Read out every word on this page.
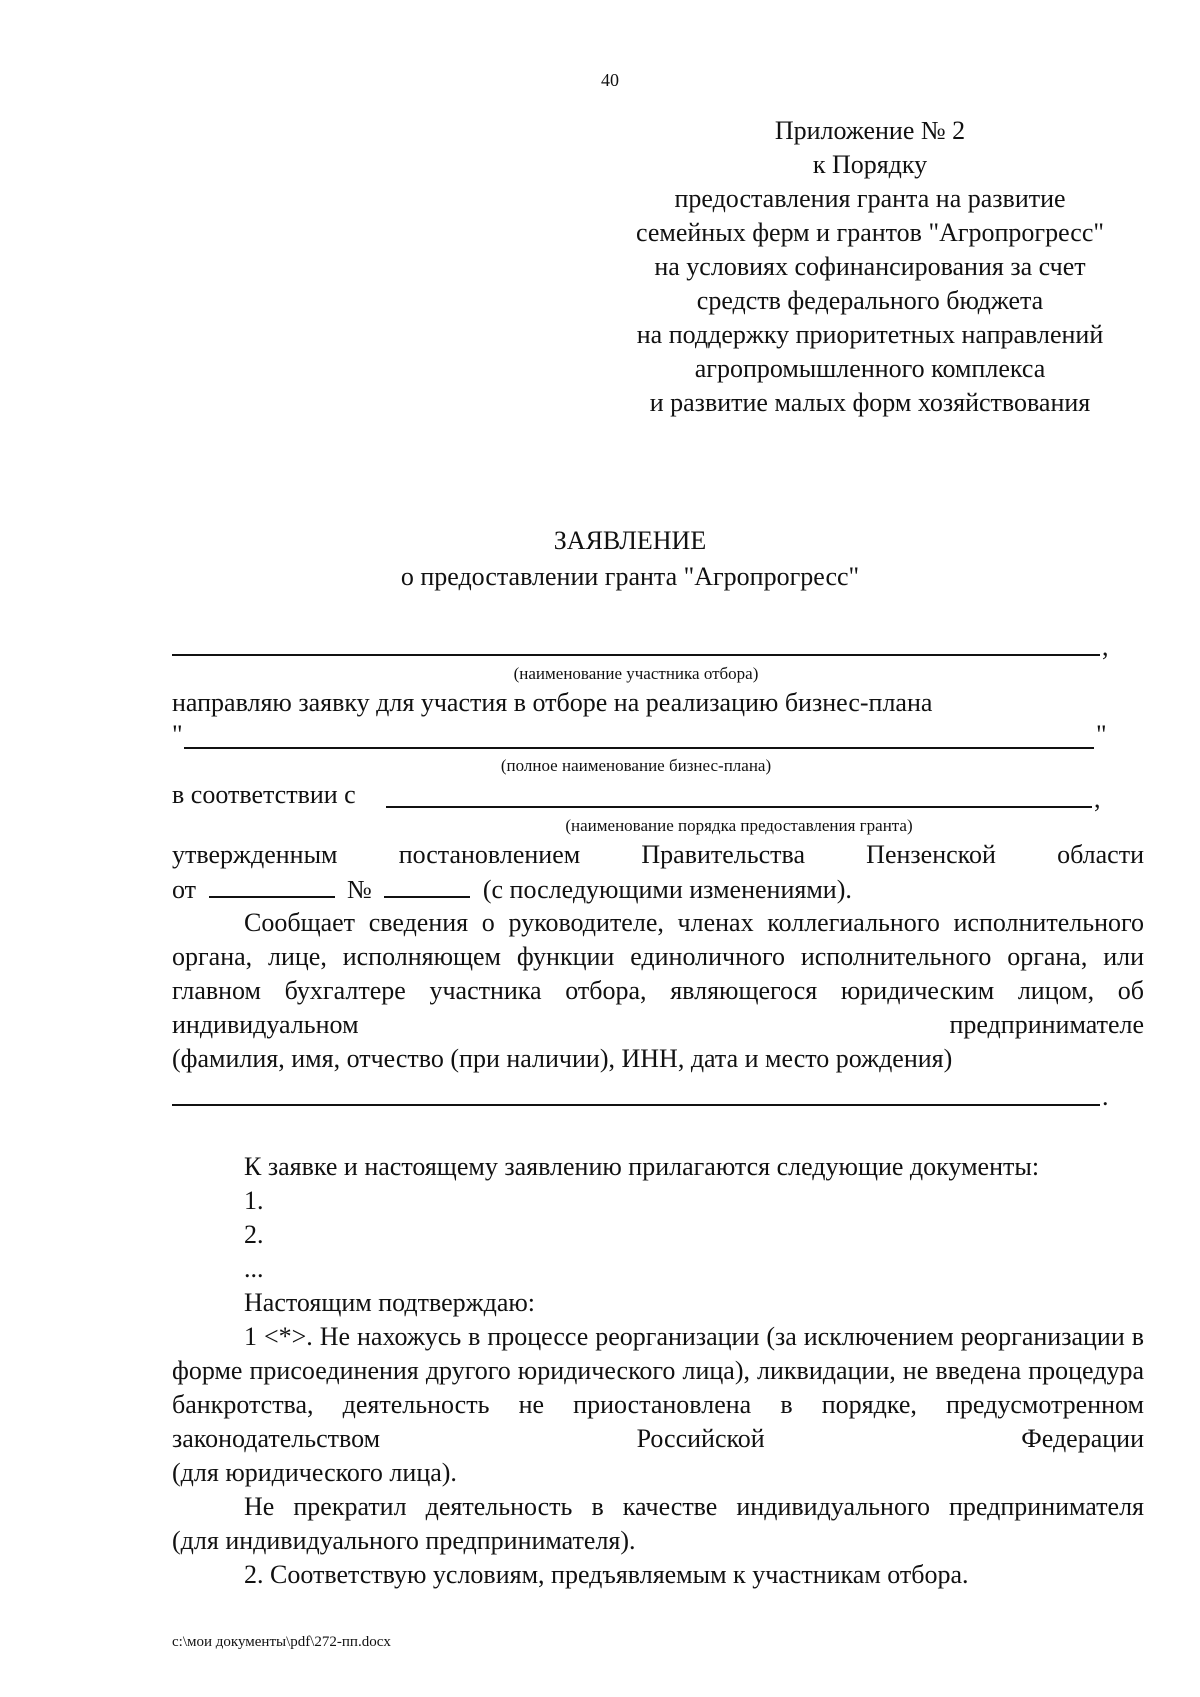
40
Приложение № 2
к Порядку
предоставления гранта на развитие
семейных ферм и грантов "Агропрогресс"
на условиях софинансирования за счет
средств федерального бюджета
на поддержку приоритетных направлений
агропромышленного комплекса
и развитие малых форм хозяйствования
ЗАЯВЛЕНИЕ
о предоставлении гранта "Агропрогресс"
,
(наименование участника отбора)
направляю заявку для участия в отборе на реализацию бизнес-плана
"	"
(полное наименование бизнес-плана)
в соответствии с	,
(наименование порядка предоставления гранта)
утвержденным постановлением Правительства Пензенской области
от	№	(с последующими изменениями).
Сообщает сведения о руководителе, членах коллегиального исполнительного органа, лице, исполняющем функции единоличного исполнительного органа, или главном бухгалтере участника отбора, являющегося юридическим лицом, об индивидуальном предпринимателе
(фамилия, имя, отчество (при наличии), ИНН, дата и место рождения)
.
К заявке и настоящему заявлению прилагаются следующие документы:
1.
2.
...
Настоящим подтверждаю:
1 <*>. Не нахожусь в процессе реорганизации (за исключением реорганизации в форме присоединения другого юридического лица), ликвидации, не введена процедура банкротства, деятельность не приостановлена в порядке, предусмотренном законодательством Российской Федерации
(для юридического лица).
Не прекратил деятельность в качестве индивидуального предпринимателя
(для индивидуального предпринимателя).
2. Соответствую условиям, предъявляемым к участникам отбора.
c:\мои документы\pdf\272-пп.docx
